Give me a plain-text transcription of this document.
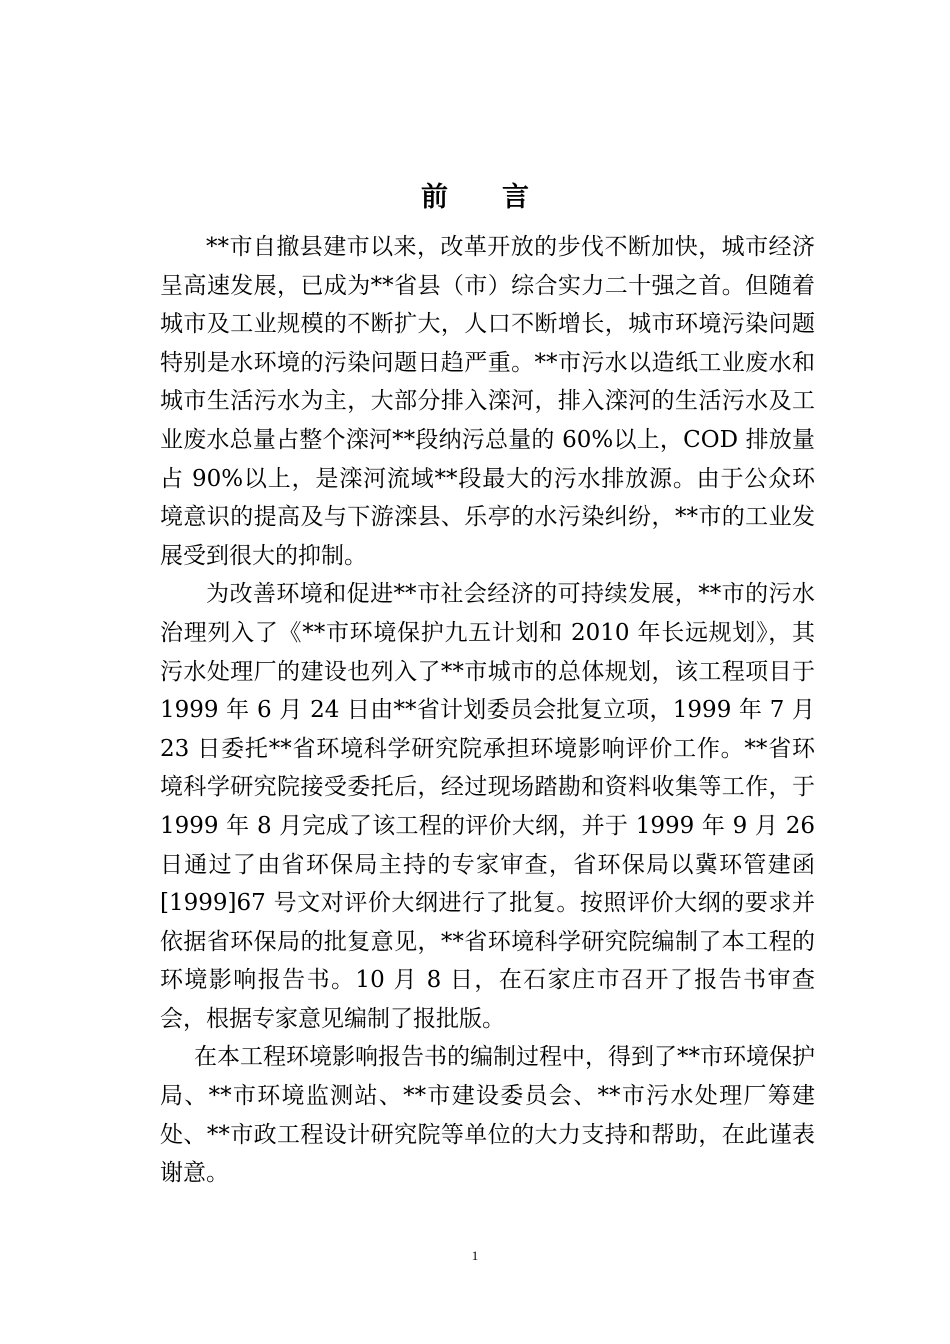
前言

**市自撤县建市以来，改革开放的步伐不断加快，城市经济呈高速发展，已成为**省县（市）综合实力二十强之首。但随着城市及工业规模的不断扩大，人口不断增长，城市环境污染问题特别是水环境的污染问题日趋严重。**市污水以造纸工业废水和城市生活污水为主，大部分排入滦河，排入滦河的生活污水及工业废水总量占整个滦河**段纳污总量的 60%以上，COD 排放量占 90%以上，是滦河流域**段最大的污水排放源。由于公众环境意识的提高及与下游滦县、乐亭的水污染纠纷，**市的工业发展受到很大的抑制。

为改善环境和促进**市社会经济的可持续发展，**市的污水治理列入了《**市环境保护九五计划和 2010 年长远规划》，其污水处理厂的建设也列入了**市城市的总体规划，该工程项目于 1999 年 6 月 24 日由**省计划委员会批复立项，1999 年 7 月 23 日委托**省环境科学研究院承担环境影响评价工作。**省环境科学研究院接受委托后，经过现场踏勘和资料收集等工作，于 1999 年 8 月完成了该工程的评价大纲，并于 1999 年 9 月 26 日通过了由省环保局主持的专家审查，省环保局以冀环管建函[1999]67 号文对评价大纲进行了批复。按照评价大纲的要求并依据省环保局的批复意见，**省环境科学研究院编制了本工程的环境影响报告书。10 月 8 日，在石家庄市召开了报告书审查会，根据专家意见编制了报批版。

在本工程环境影响报告书的编制过程中，得到了**市环境保护局、**市环境监测站、**市建设委员会、**市污水处理厂筹建处、**市政工程设计研究院等单位的大力支持和帮助，在此谨表谢意。

1
